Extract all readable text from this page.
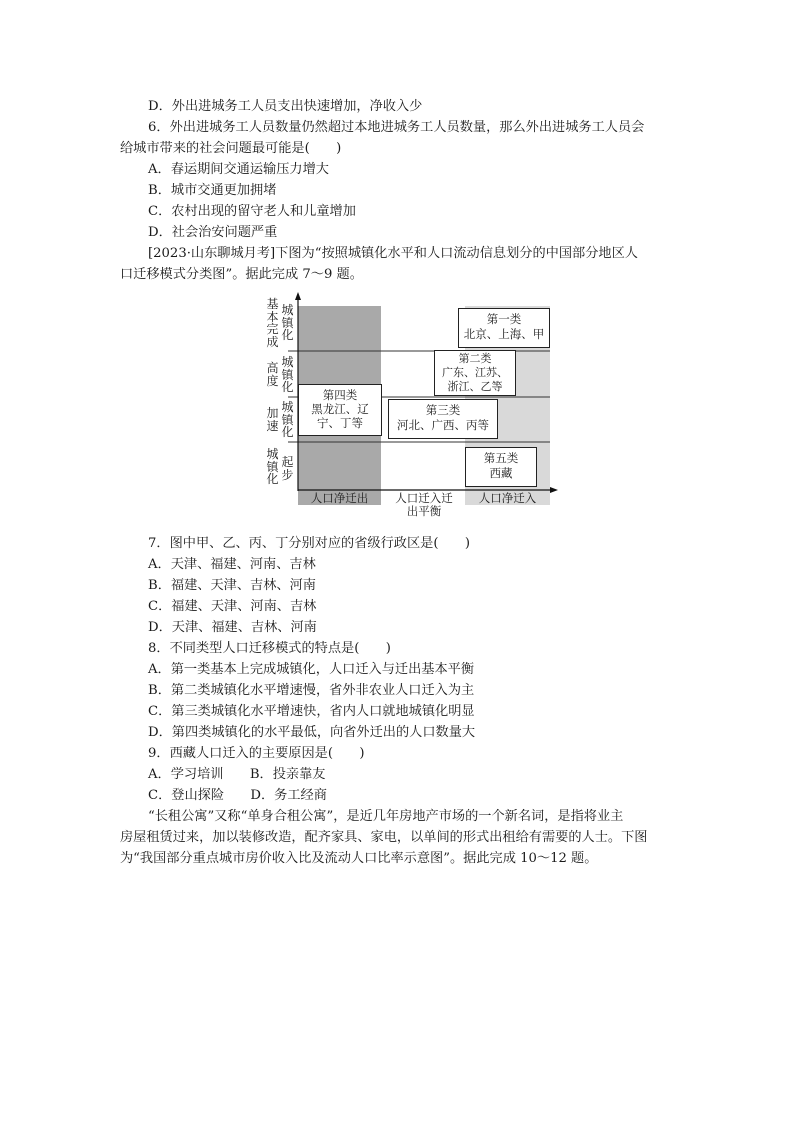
D．外出进城务工人员支出快速增加，净收入少
6．外出进城务工人员数量仍然超过本地进城务工人员数量，那么外出进城务工人员会
给城市带来的社会问题最可能是(　　)
A．春运期间交通运输压力增大
B．城市交通更加拥堵
C．农村出现的留守老人和儿童增加
D．社会治安问题严重
[2023·山东聊城月考]下图为“按照城镇化水平和人口流动信息划分的中国部分地区人
口迁移模式分类图”。据此完成 7～9 题。
基本完成
城镇化
高度
城镇化
加速
城镇化
城镇化
起步
第一类
北京、上海、甲
第二类
广东、江苏、浙江、乙等
第三类
河北、广西、丙等
第四类
黑龙江、辽宁、丁等
第五类
西藏
人口净迁出	人口迁入迁出平衡
人口净迁入
7．图中甲、乙、丙、丁分别对应的省级行政区是(　　)
A．天津、福建、河南、吉林
B．福建、天津、吉林、河南
C．福建、天津、河南、吉林
D．天津、福建、吉林、河南
8．不同类型人口迁移模式的特点是(　　)
A．第一类基本上完成城镇化，人口迁入与迁出基本平衡
B．第二类城镇化水平增速慢，省外非农业人口迁入为主
C．第三类城镇化水平增速快，省内人口就地城镇化明显
D．第四类城镇化的水平最低，向省外迁出的人口数量大
9．西藏人口迁入的主要原因是(　　)
A．学习培训　　B．投亲靠友
C．登山探险　　D．务工经商
“长租公寓”又称“单身合租公寓”，是近几年房地产市场的一个新名词，是指将业主
房屋租赁过来，加以装修改造，配齐家具、家电，以单间的形式出租给有需要的人士。下图
为“我国部分重点城市房价收入比及流动人口比率示意图”。据此完成 10～12 题。
